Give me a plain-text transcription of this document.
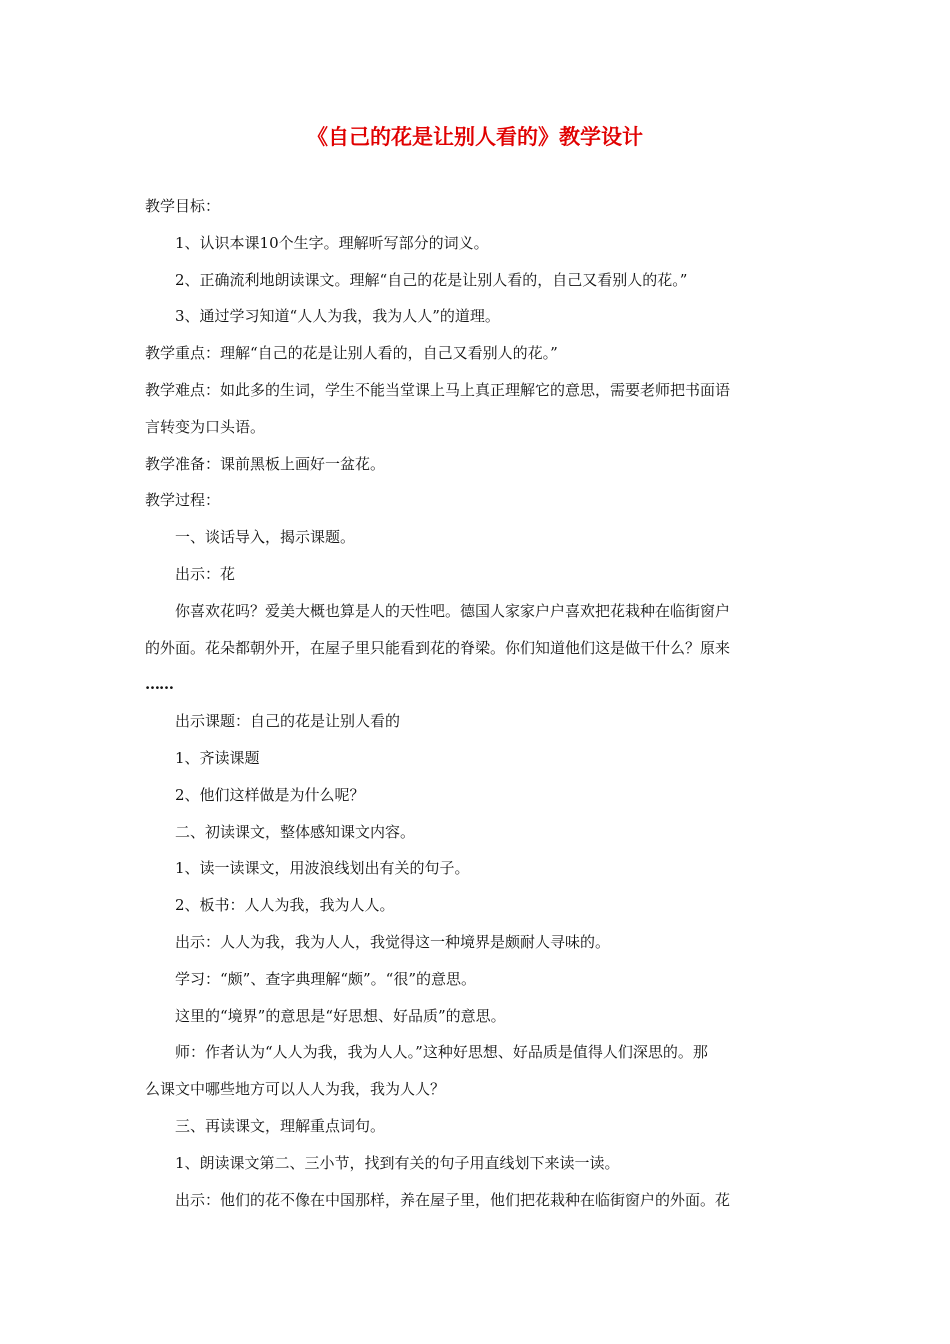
《自己的花是让别人看的》教学设计
教学目标：
1、认识本课10个生字。理解听写部分的词义。
2、正确流利地朗读课文。理解“自己的花是让别人看的，自己又看别人的花。”
3、通过学习知道“人人为我，我为人人”的道理。
教学重点：理解“自己的花是让别人看的，自己又看别人的花。”
教学难点：如此多的生词，学生不能当堂课上马上真正理解它的意思，需要老师把书面语
言转变为口头语。
教学准备：课前黑板上画好一盆花。
教学过程：
一、谈话导入，揭示课题。
出示：花
你喜欢花吗？爱美大概也算是人的天性吧。德国人家家户户喜欢把花栽种在临街窗户
的外面。花朵都朝外开，在屋子里只能看到花的脊梁。你们知道他们这是做干什么？原来
……
出示课题：自己的花是让别人看的
1、齐读课题
2、他们这样做是为什么呢？
二、初读课文，整体感知课文内容。
1、读一读课文，用波浪线划出有关的句子。
2、板书：人人为我，我为人人。
出示：人人为我，我为人人，我觉得这一种境界是颇耐人寻味的。
学习：“颇”、查字典理解“颇”。“很”的意思。
这里的“境界”的意思是“好思想、好品质”的意思。
师：作者认为“人人为我，我为人人。”这种好思想、好品质是值得人们深思的。那
么课文中哪些地方可以人人为我，我为人人？
三、再读课文，理解重点词句。
1、朗读课文第二、三小节，找到有关的句子用直线划下来读一读。
出示：他们的花不像在中国那样，养在屋子里，他们把花栽种在临街窗户的外面。花
